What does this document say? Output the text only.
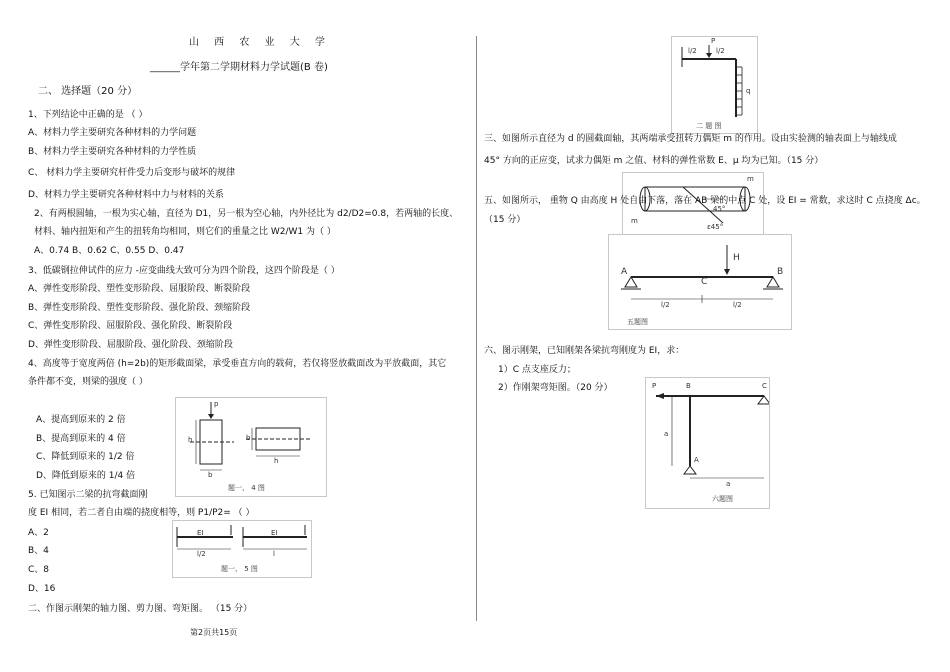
山 西 农 业 大 学
______学年第二学期材料力学试题(B 卷)
二、 选择题（20 分）
1、下列结论中正确的是 （ ）
A、材料力学主要研究各种材料的力学问题
B、材料力学主要研究各种材料的力学性质
C、 材料力学主要研究杆件受力后变形与破坏的规律
D、材料力学主要研究各种材料中力与材料的关系
2、有两根圆轴，一根为实心轴，直径为 D1，另一根为空心轴，内外径比为 d2/D2=0.8，若两轴的长度、
材料、轴内扭矩和产生的扭转角均相同，则它们的重量之比 W2/W1 为（ ）
A、0.74 B、0.62 C、0.55 D、0.47
3、低碳钢拉伸试件的应力 -应变曲线大致可分为四个阶段，这四个阶段是（ ）
A、弹性变形阶段、塑性变形阶段、屈服阶段、断裂阶段
B、弹性变形阶段、塑性变形阶段、强化阶段、颈缩阶段
C、弹性变形阶段、屈服阶段、强化阶段、断裂阶段
D、弹性变形阶段、屈服阶段、强化阶段、颈缩阶段
4、高度等于宽度两倍 (h=2b)的矩形截面梁，承受垂直方向的载荷，若仅将竖放截面改为平放截面，其它
条件都不变，则梁的强度（ ）
A、提高到原来的 2 倍
B、提高到原来的 4 倍
C、降低到原来的 1/2 倍
D、降低到原来的 1/4 倍
p
h
b
b
h
题一、 4 图
5. 已知图示二梁的抗弯截面刚
度 EI 相同，若二者自由端的挠度相等，则 P1/P2= （ ）
A、2
B、4
C、8
D、16
EI	EI
l/2	l
题一、 5 图
二、作图示刚架的轴力图、剪力图、弯矩图。 （15 分）
第2页共15页
P
l/2	l/2
q
二 题 图
三、如图所示直径为 d 的圆截面轴，其两端承受扭转力偶矩 m 的作用。设由实验测的轴表面上与轴线成
45° 方向的正应变，试求力偶矩 m 之值、材料的弹性常数 E、μ 均为已知。（15 分）
m
m
45°
ε45°
五、如图所示， 重物 Q 由高度 H 处自由下落，落在 AB 梁的中点 C 处，设 EI = 常数，求这时 C 点挠度 Δc。
（15 分）
A	B
C
H
l/2	l/2
五题图
六、图示刚架，已知刚架各梁抗弯刚度为 EI，求：
1）C 点支座反力；
2）作刚架弯矩图。（20 分）	P	B	C
A
a
a
六题图
